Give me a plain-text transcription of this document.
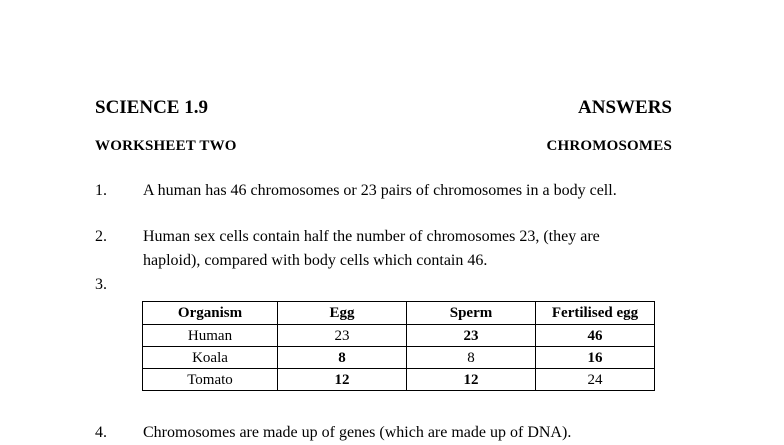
SCIENCE 1.9	ANSWERS
WORKSHEET TWO	CHROMOSOMES
1.	A human has 46 chromosomes or 23 pairs of chromosomes in a body cell.
2.	Human sex cells contain half the number of chromosomes 23, (they are
haploid), compared with body cells which contain 46.
3.
Organism	Egg	Sperm	Fertilised egg
Human	23	23	46
Koala	8	8	16
Tomato	12	12	24
4.	Chromosomes are made up of genes (which are made up of DNA).
